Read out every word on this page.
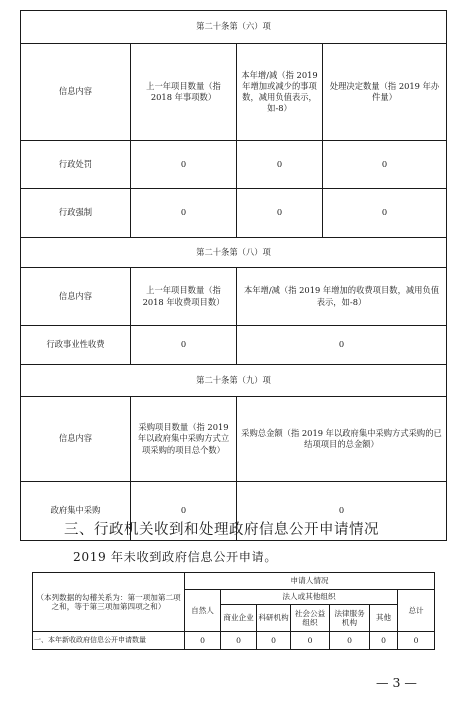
第二十条第（六）项			
信息内容	上一年项目数量（指 2018 年事项数）	本年增/减（指 2019 年增加或减少的事项数，减用负值表示，如-8）	处理决定数量（指 2019 年办件量）
行政处罚	0	0	0
行政强制	0	0	0
第二十条第（八）项			
信息内容	上一年项目数量（指 2018 年收费项目数）	本年增/减（指 2019 年增加的收费项目数，减用负值表示，如-8）	
行政事业性收费	0	0	
第二十条第（九）项			
信息内容	采购项目数量（指 2019 年以政府集中采购方式立项采购的项目总个数）	采购总金额（指 2019 年以政府集中采购方式采购的已结项项目的总金额）	
政府集中采购	0	0	
三、行政机关收到和处理政府信息公开申请情况
2019 年未收到政府信息公开申请。
（本列数据的勾稽关系为：第一项加第二项之和，等于第三项加第四项之和）	申请人情况						
	自然人	法人或其他组织					总计
		商业企业	科研机构	社会公益组织	法律服务机构	其他	
一、本年新收政府信息公开申请数量	0	0	0	0	0	0	0
— 3 —
